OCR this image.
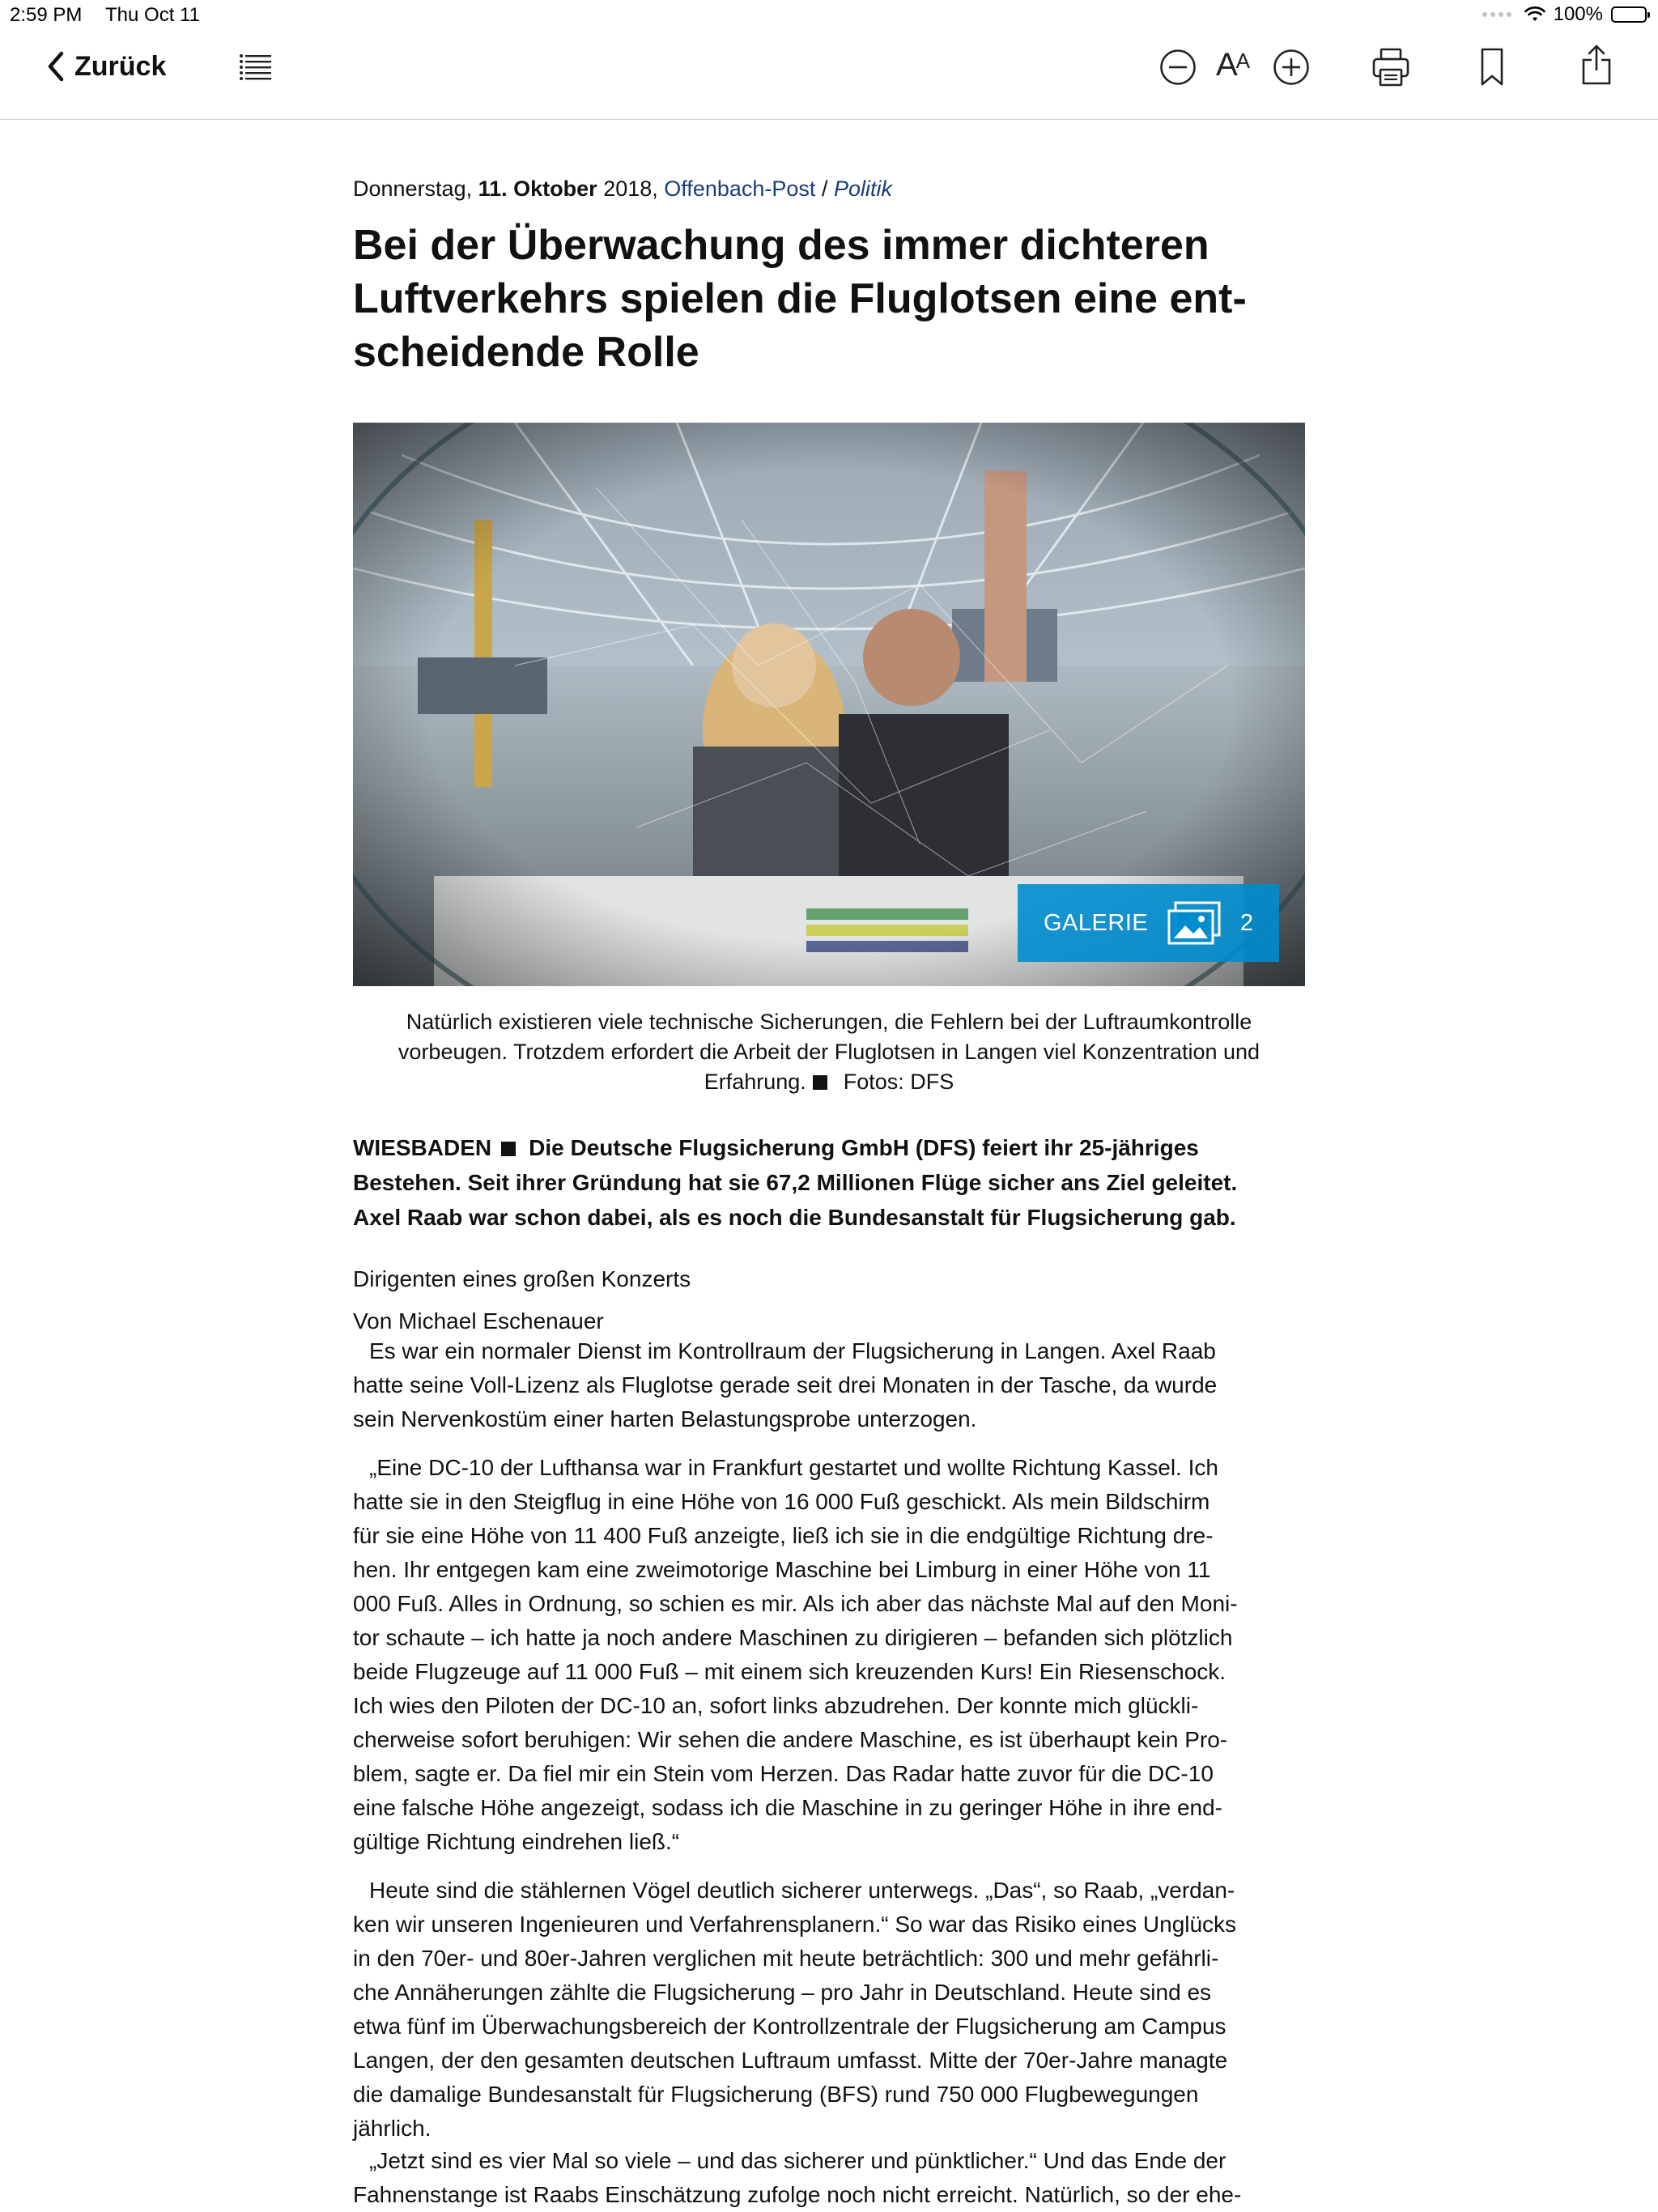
2:59 PM Thu Oct 11	100%
Zurück	$A^A$
Donnerstag, 11. Oktober 2018, Offenbach-Post / Politik
Bei der Überwachung des immer dichteren
Luftverkehrs spielen die Fluglotsen eine ent-
scheidende Rolle
GALERIE	2
Natürlich existieren viele technische Sicherungen, die Fehlern bei der Luftraumkontrolle
vorbeugen. Trotzdem erfordert die Arbeit der Fluglotsen in Langen viel Konzentration und
Erfahrung. Fotos: DFS
WIESBADEN Die Deutsche Flugsicherung GmbH (DFS) feiert ihr 25-jähriges
Bestehen. Seit ihrer Gründung hat sie 67,2 Millionen Flüge sicher ans Ziel geleitet.
Axel Raab war schon dabei, als es noch die Bundesanstalt für Flugsicherung gab.
Dirigenten eines großen Konzerts
Von Michael Eschenauer
Es war ein normaler Dienst im Kontrollraum der Flugsicherung in Langen. Axel Raab
hatte seine Voll-Lizenz als Fluglotse gerade seit drei Monaten in der Tasche, da wurde
sein Nervenkostüm einer harten Belastungsprobe unterzogen.
„Eine DC-10 der Lufthansa war in Frankfurt gestartet und wollte Richtung Kassel. Ich
hatte sie in den Steigflug in eine Höhe von 16 000 Fuß geschickt. Als mein Bildschirm
für sie eine Höhe von 11 400 Fuß anzeigte, ließ ich sie in die endgültige Richtung dre-
hen. Ihr entgegen kam eine zweimotorige Maschine bei Limburg in einer Höhe von 11
000 Fuß. Alles in Ordnung, so schien es mir. Als ich aber das nächste Mal auf den Moni-
tor schaute – ich hatte ja noch andere Maschinen zu dirigieren – befanden sich plötzlich
beide Flugzeuge auf 11 000 Fuß – mit einem sich kreuzenden Kurs! Ein Riesenschock.
Ich wies den Piloten der DC-10 an, sofort links abzudrehen. Der konnte mich glückli-
cherweise sofort beruhigen: Wir sehen die andere Maschine, es ist überhaupt kein Pro-
blem, sagte er. Da fiel mir ein Stein vom Herzen. Das Radar hatte zuvor für die DC-10
eine falsche Höhe angezeigt, sodass ich die Maschine in zu geringer Höhe in ihre end-
gültige Richtung eindrehen ließ.“
Heute sind die stählernen Vögel deutlich sicherer unterwegs. „Das“, so Raab, „verdan-
ken wir unseren Ingenieuren und Verfahrensplanern.“ So war das Risiko eines Unglücks
in den 70er- und 80er-Jahren verglichen mit heute beträchtlich: 300 und mehr gefährli-
che Annäherungen zählte die Flugsicherung – pro Jahr in Deutschland. Heute sind es
etwa fünf im Überwachungsbereich der Kontrollzentrale der Flugsicherung am Campus
Langen, der den gesamten deutschen Luftraum umfasst. Mitte der 70er-Jahre managte
die damalige Bundesanstalt für Flugsicherung (BFS) rund 750 000 Flugbewegungen
jährlich.
„Jetzt sind es vier Mal so viele – und das sicherer und pünktlicher.“ Und das Ende der
Fahnenstange ist Raabs Einschätzung zufolge noch nicht erreicht. Natürlich, so der ehe-
